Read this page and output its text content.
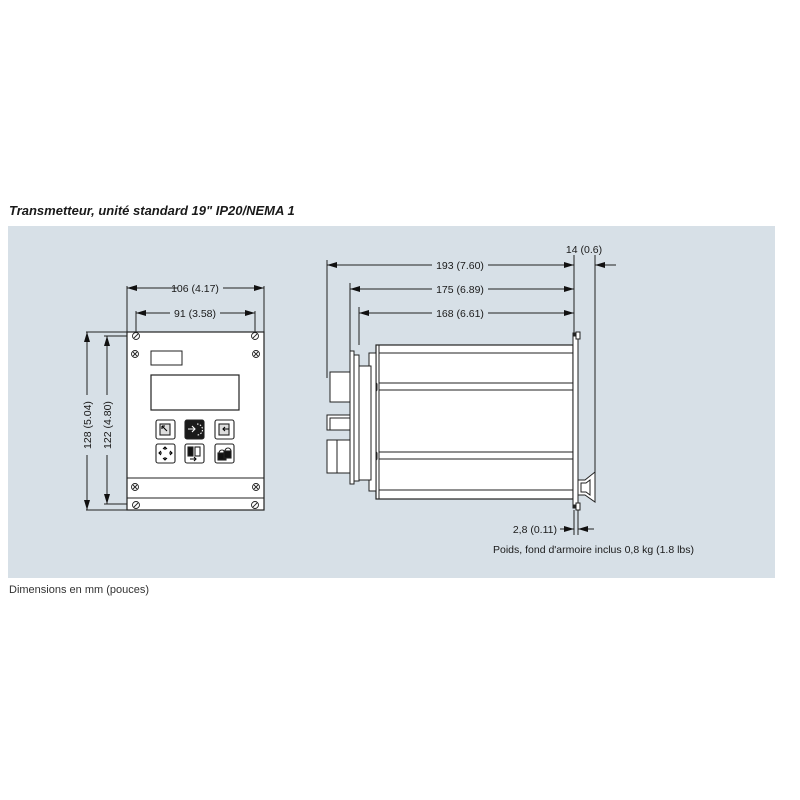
Transmetteur, unité standard 19" IP20/NEMA 1
Dimensions en mm (pouces)
106 (4.17)
91 (3.58)
128 (5.04) 122 (4.80)
193 (7.60)
175 (6.89)
168 (6.61)
14 (0.6)
2,8 (0.11)
Poids, fond d'armoire inclus 0,8 kg (1.8 lbs)
